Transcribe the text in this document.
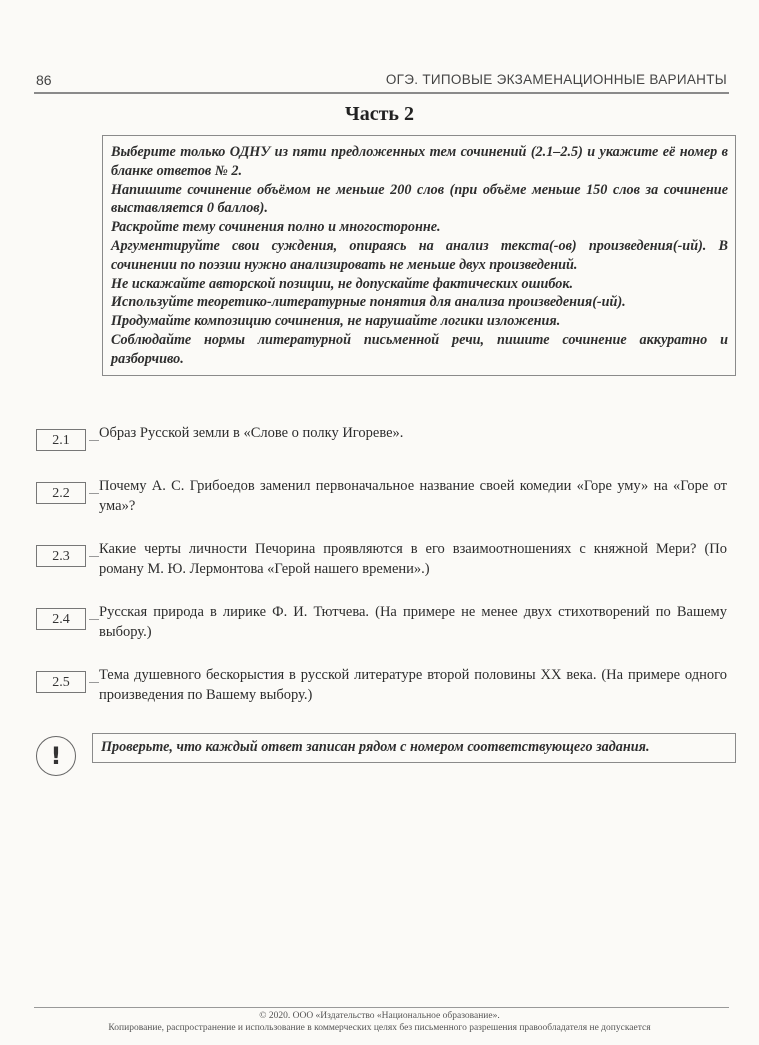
86	ОГЭ. ТИПОВЫЕ ЭКЗАМЕНАЦИОННЫЕ ВАРИАНТЫ
Часть 2

Выберите только ОДНУ из пяти предложенных тем сочинений (2.1–2.5) и укажите её номер в бланке ответов № 2.

Напишите сочинение объёмом не меньше 200 слов (при объёме меньше 150 слов за сочинение выставляется 0 баллов).

Раскройте тему сочинения полно и многосторонне.

Аргументируйте свои суждения, опираясь на анализ текста(-ов) произведения(-ий). В сочинении по поэзии нужно анализировать не меньше двух произведений.

Не искажайте авторской позиции, не допускайте фактических ошибок.

Используйте теоретико-литературные понятия для анализа произведения(-ий).

Продумайте композицию сочинения, не нарушайте логики изложения.

Соблюдайте нормы литературной письменной речи, пишите сочинение аккуратно и разборчиво.

2.1	Образ Русской земли в «Слове о полку Игореве».
2.2	Почему А. С. Грибоедов заменил первоначальное название своей комедии «Горе уму» на «Горе от ума»?
2.3	Какие черты личности Печорина проявляются в его взаимоотношениях с княжной Мери? (По роману М. Ю. Лермонтова «Герой нашего времени».)
2.4	Русская природа в лирике Ф. И. Тютчева. (На примере не менее двух стихотворений по Вашему выбору.)
2.5	Тема душевного бескорыстия в русской литературе второй половины XX века. (На примере одного произведения по Вашему выбору.)
!	Проверьте, что каждый ответ записан рядом с номером соответствующего задания.
© 2020. ООО «Издательство «Национальное образование».
Копирование, распространение и использование в коммерческих целях без письменного разрешения правообладателя не допускается
